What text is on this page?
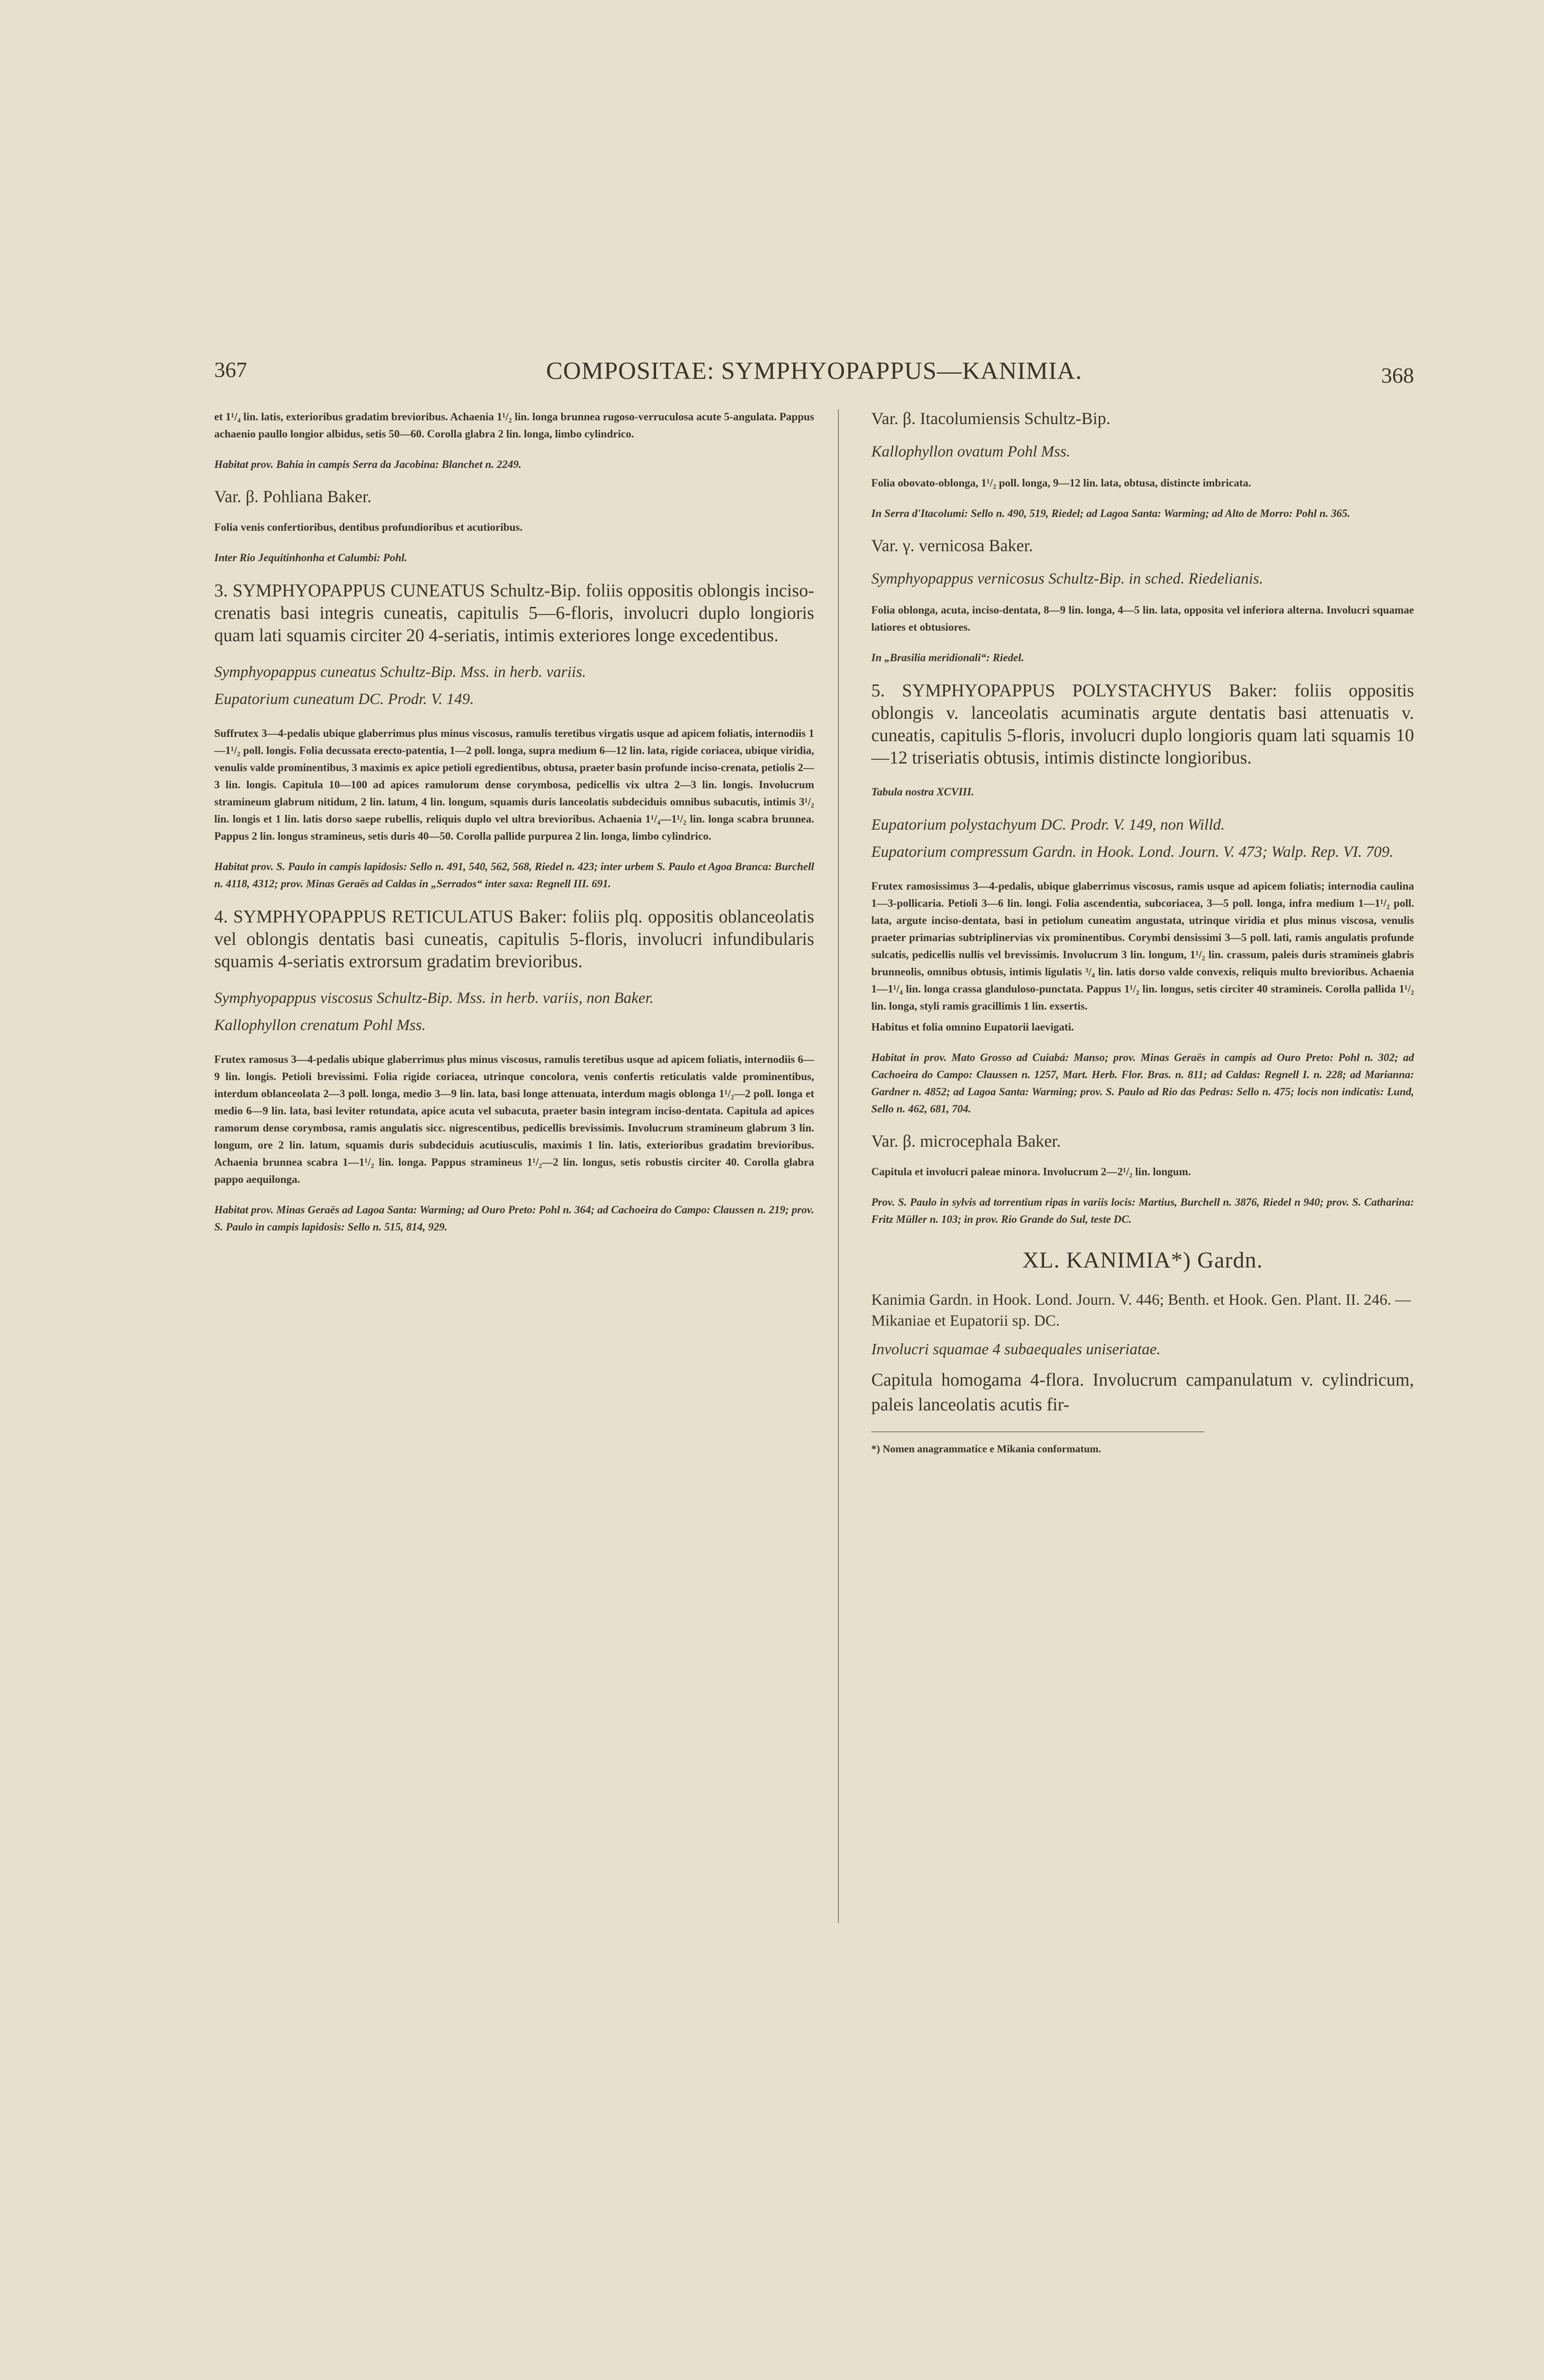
367	COMPOSITAE: SYMPHYOPAPPUS—KANIMIA.	368

et 1¹/₄ lin. latis, exterioribus gradatim brevioribus. Achaenia 1¹/₂ lin. longa brunnea rugoso-verruculosa acute 5-angulata. Pappus achaenio paullo longior albidus, setis 50—60. Corolla glabra 2 lin. longa, limbo cylindrico.

Habitat prov. Bahia in campis Serra da Jacobina: Blanchet n. 2249.

Var. β. Pohliana Baker.

Folia venis confertioribus, dentibus profundioribus et acutioribus.

Inter Rio Jequitinhonha et Calumbi: Pohl.

3. SYMPHYOPAPPUS CUNEATUS Schultz-Bip. foliis oppositis oblongis inciso-crenatis basi integris cuneatis, capitulis 5—6-floris, involucri duplo longioris quam lati squamis circiter 20 4-seriatis, intimis exteriores longe excedentibus.

Symphyopappus cuneatus Schultz-Bip. Mss. in herb. variis.

Eupatorium cuneatum DC. Prodr. V. 149.

Suffrutex 3—4-pedalis ubique glaberrimus plus minus viscosus, ramulis teretibus virgatis usque ad apicem foliatis, internodiis 1—1¹/₂ poll. longis. Folia decussata erecto-patentia, 1—2 poll. longa, supra medium 6—12 lin. lata, rigide coriacea, ubique viridia, venulis valde prominentibus, 3 maximis ex apice petioli egredientibus, obtusa, praeter basin profunde inciso-crenata, petiolis 2—3 lin. longis. Capitula 10—100 ad apices ramulorum dense corymbosa, pedicellis vix ultra 2—3 lin. longis. Involucrum stramineum glabrum nitidum, 2 lin. latum, 4 lin. longum, squamis duris lanceolatis subdeciduis omnibus subacutis, intimis 3¹/₂ lin. longis et 1 lin. latis dorso saepe rubellis, reliquis duplo vel ultra brevioribus. Achaenia 1¹/₄—1¹/₂ lin. longa scabra brunnea. Pappus 2 lin. longus stramineus, setis duris 40—50. Corolla pallide purpurea 2 lin. longa, limbo cylindrico.

Habitat prov. S. Paulo in campis lapidosis: Sello n. 491, 540, 562, 568, Riedel n. 423; inter urbem S. Paulo et Agoa Branca: Burchell n. 4118, 4312; prov. Minas Geraës ad Caldas in „Serrados“ inter saxa: Regnell III. 691.

4. SYMPHYOPAPPUS RETICULATUS Baker: foliis plq. oppositis oblanceolatis vel oblongis dentatis basi cuneatis, capitulis 5-floris, involucri infundibularis squamis 4-seriatis extrorsum gradatim brevioribus.

Symphyopappus viscosus Schultz-Bip. Mss. in herb. variis, non Baker.

Kallophyllon crenatum Pohl Mss.

Frutex ramosus 3—4-pedalis ubique glaberrimus plus minus viscosus, ramulis teretibus usque ad apicem foliatis, internodiis 6—9 lin. longis. Petioli brevissimi. Folia rigide coriacea, utrinque concolora, venis confertis reticulatis valde prominentibus, interdum oblanceolata 2—3 poll. longa, medio 3—9 lin. lata, basi longe attenuata, interdum magis oblonga 1¹/₂—2 poll. longa et medio 6—9 lin. lata, basi leviter rotundata, apice acuta vel subacuta, praeter basin integram inciso-dentata. Capitula ad apices ramorum dense corymbosa, ramis angulatis sicc. nigrescentibus, pedicellis brevissimis. Involucrum stramineum glabrum 3 lin. longum, ore 2 lin. latum, squamis duris subdeciduis acutiusculis, maximis 1 lin. latis, exterioribus gradatim brevioribus. Achaenia brunnea scabra 1—1¹/₂ lin. longa. Pappus stramineus 1¹/₂—2 lin. longus, setis robustis circiter 40. Corolla glabra pappo aequilonga.

Habitat prov. Minas Geraës ad Lagoa Santa: Warming; ad Ouro Preto: Pohl n. 364; ad Cachoeira do Campo: Claussen n. 219; prov. S. Paulo in campis lapidosis: Sello n. 515, 814, 929.

Var. β. Itacolumiensis Schultz-Bip.

Kallophyllon ovatum Pohl Mss.

Folia obovato-oblonga, 1¹/₂ poll. longa, 9—12 lin. lata, obtusa, distincte imbricata.

In Serra d'Itacolumi: Sello n. 490, 519, Riedel; ad Lagoa Santa: Warming; ad Alto de Morro: Pohl n. 365.

Var. γ. vernicosa Baker.

Symphyopappus vernicosus Schultz-Bip. in sched. Riedelianis.

Folia oblonga, acuta, inciso-dentata, 8—9 lin. longa, 4—5 lin. lata, opposita vel inferiora alterna. Involucri squamae latiores et obtusiores.

In „Brasilia meridionali“: Riedel.

5. SYMPHYOPAPPUS POLYSTACHYUS Baker: foliis oppositis oblongis v. lanceolatis acuminatis argute dentatis basi attenuatis v. cuneatis, capitulis 5-floris, involucri duplo longioris quam lati squamis 10—12 triseriatis obtusis, intimis distincte longioribus.

Tabula nostra XCVIII.

Eupatorium polystachyum DC. Prodr. V. 149, non Willd.

Eupatorium compressum Gardn. in Hook. Lond. Journ. V. 473; Walp. Rep. VI. 709.

Frutex ramosissimus 3—4-pedalis, ubique glaberrimus viscosus, ramis usque ad apicem foliatis; internodia caulina 1—3-pollicaria. Petioli 3—6 lin. longi. Folia ascendentia, subcoriacea, 3—5 poll. longa, infra medium 1—1¹/₂ poll. lata, argute inciso-dentata, basi in petiolum cuneatim angustata, utrinque viridia et plus minus viscosa, venulis praeter primarias subtriplinervias vix prominentibus. Corymbi densissimi 3—5 poll. lati, ramis angulatis profunde sulcatis, pedicellis nullis vel brevissimis. Involucrum 3 lin. longum, 1¹/₂ lin. crassum, paleis duris stramineis glabris brunneolis, omnibus obtusis, intimis ligulatis ³/₄ lin. latis dorso valde convexis, reliquis multo brevioribus. Achaenia 1—1¹/₄ lin. longa crassa glanduloso-punctata. Pappus 1¹/₂ lin. longus, setis circiter 40 stramineis. Corolla pallida 1¹/₂ lin. longa, styli ramis gracillimis 1 lin. exsertis.

Habitus et folia omnino Eupatorii laevigati.

Habitat in prov. Mato Grosso ad Cuiabá: Manso; prov. Minas Geraës in campis ad Ouro Preto: Pohl n. 302; ad Cachoeira do Campo: Claussen n. 1257, Mart. Herb. Flor. Bras. n. 811; ad Caldas: Regnell I. n. 228; ad Marianna: Gardner n. 4852; ad Lagoa Santa: Warming; prov. S. Paulo ad Rio das Pedras: Sello n. 475; locis non indicatis: Lund, Sello n. 462, 681, 704.

Var. β. microcephala Baker.

Capitula et involucri paleae minora. Involucrum 2—2¹/₂ lin. longum.

Prov. S. Paulo in sylvis ad torrentium ripas in variis locis: Martius, Burchell n. 3876, Riedel n 940; prov. S. Catharina: Fritz Müller n. 103; in prov. Rio Grande do Sul, teste DC.

XL. KANIMIA*) Gardn.

Kanimia Gardn. in Hook. Lond. Journ. V. 446; Benth. et Hook. Gen. Plant. II. 246. — Mikaniae et Eupatorii sp. DC.

Involucri squamae 4 subaequales uniseriatae.

Capitula homogama 4-flora. Involucrum campanulatum v. cylindricum, paleis lanceolatis acutis fir-

*) Nomen anagrammatice e Mikania conformatum.
